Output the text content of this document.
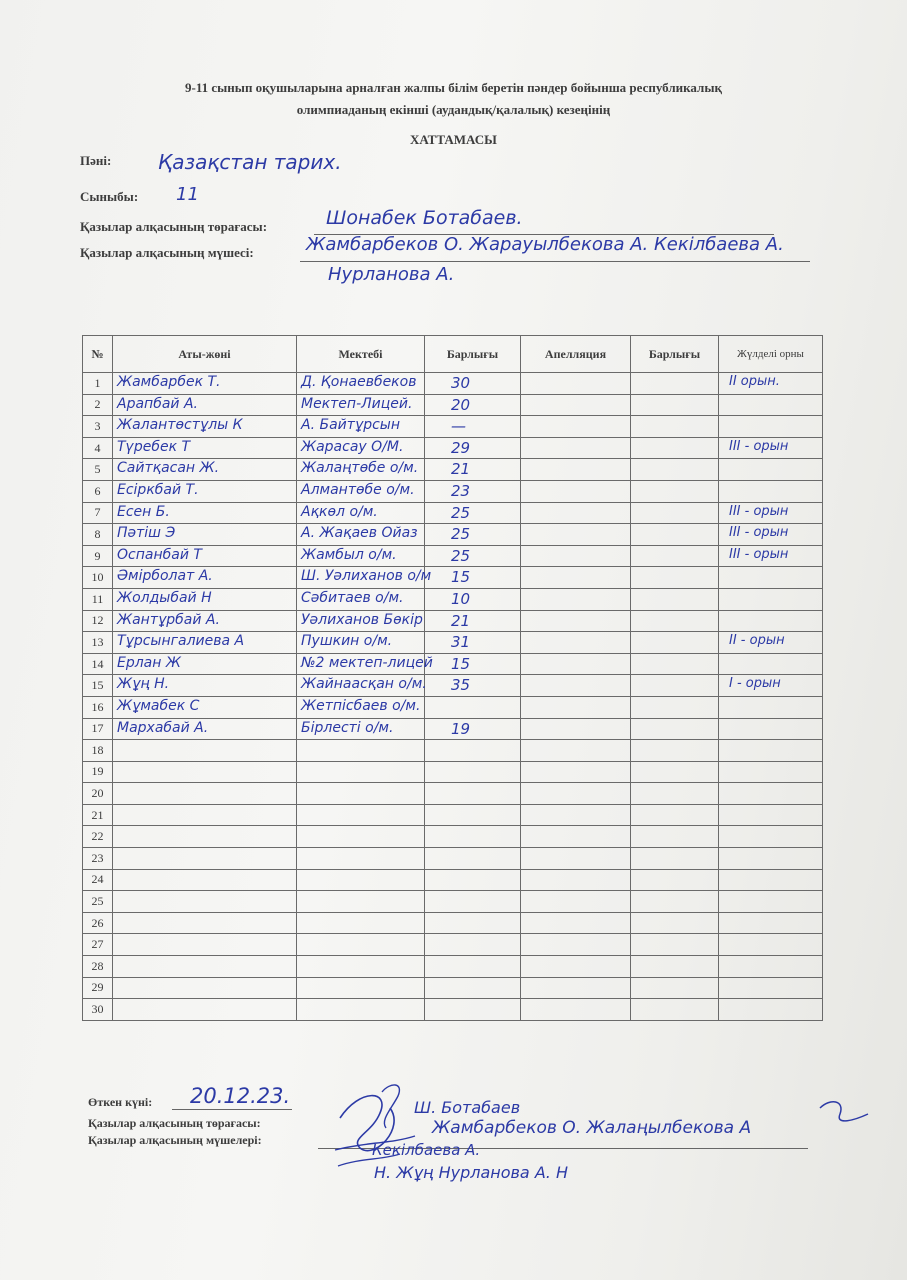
9-11 сынып оқушыларына арналған жалпы білім беретін пәндер бойынша республикалық
олимпиаданың екінші (аудандық/қалалық) кезеңінің
ХАТТАМАСЫ
Пәні: Қазақстан тарих.
Сыныбы: 11
Қазылар алқасының төрағасы:	Шонабек Ботабаев.
Қазылар алқасының мүшесі:	Жамбарбеков О. Жарауылбекова А. Кекілбаева А.
Нурланова А.
№	Аты-жөні	Мектебі	Барлығы	Апелляция	Барлығы	Жүлделі орны
1	Жамбарбек Т.	Д. Қонаевбеков	30			II орын.

2	Арапбай А.	Мектеп-Лицей.	20			

3	Жалантөстұлы К	А. Байтұрсын	—			

4	Түребек Т	Жарасау О/М.	29			III - орын

5	Сайтқасан Ж.	Жалаңтөбе о/м.	21			

6	Есіркбай Т.	Алмантөбе о/м.	23			

7	Есен Б.	Ақкөл о/м.	25			III - орын

8	Пәтіш Э	А. Жақаев Ойаз	25			III - орын

9	Оспанбай Т	Жамбыл о/м.	25			III - орын

10	Әмірболат А.	Ш. Уәлиханов о/м	15			

11	Жолдыбай Н	Сәбитаев о/м.	10			

12	Жантұрбай А.	Уәлиханов Бөкір	21			

13	Тұрсынгалиева А	Пушкин о/м.	31			II - орын

14	Ерлан Ж	№2 мектеп-лицей	15			

15	Жұң Н.	Жайнаасқан о/м.	35			I - орын

16	Жұмабек С	Жетпісбаев о/м.				

17	Мархабай А.	Бірлесті о/м.	19			

18	

19	

20	

21	

22	

23	

24	

25	

26	

27	

28	

29	

30	

Өткен күні: 20.12.23.
Қазылар алқасының төрағасы:
Ш. Ботабаев
Қазылар алқасының мүшелері:
Жамбарбеков О. Жалаңылбекова А
Кекілбаева А.
Н. Жұң Нурланова А. Н
